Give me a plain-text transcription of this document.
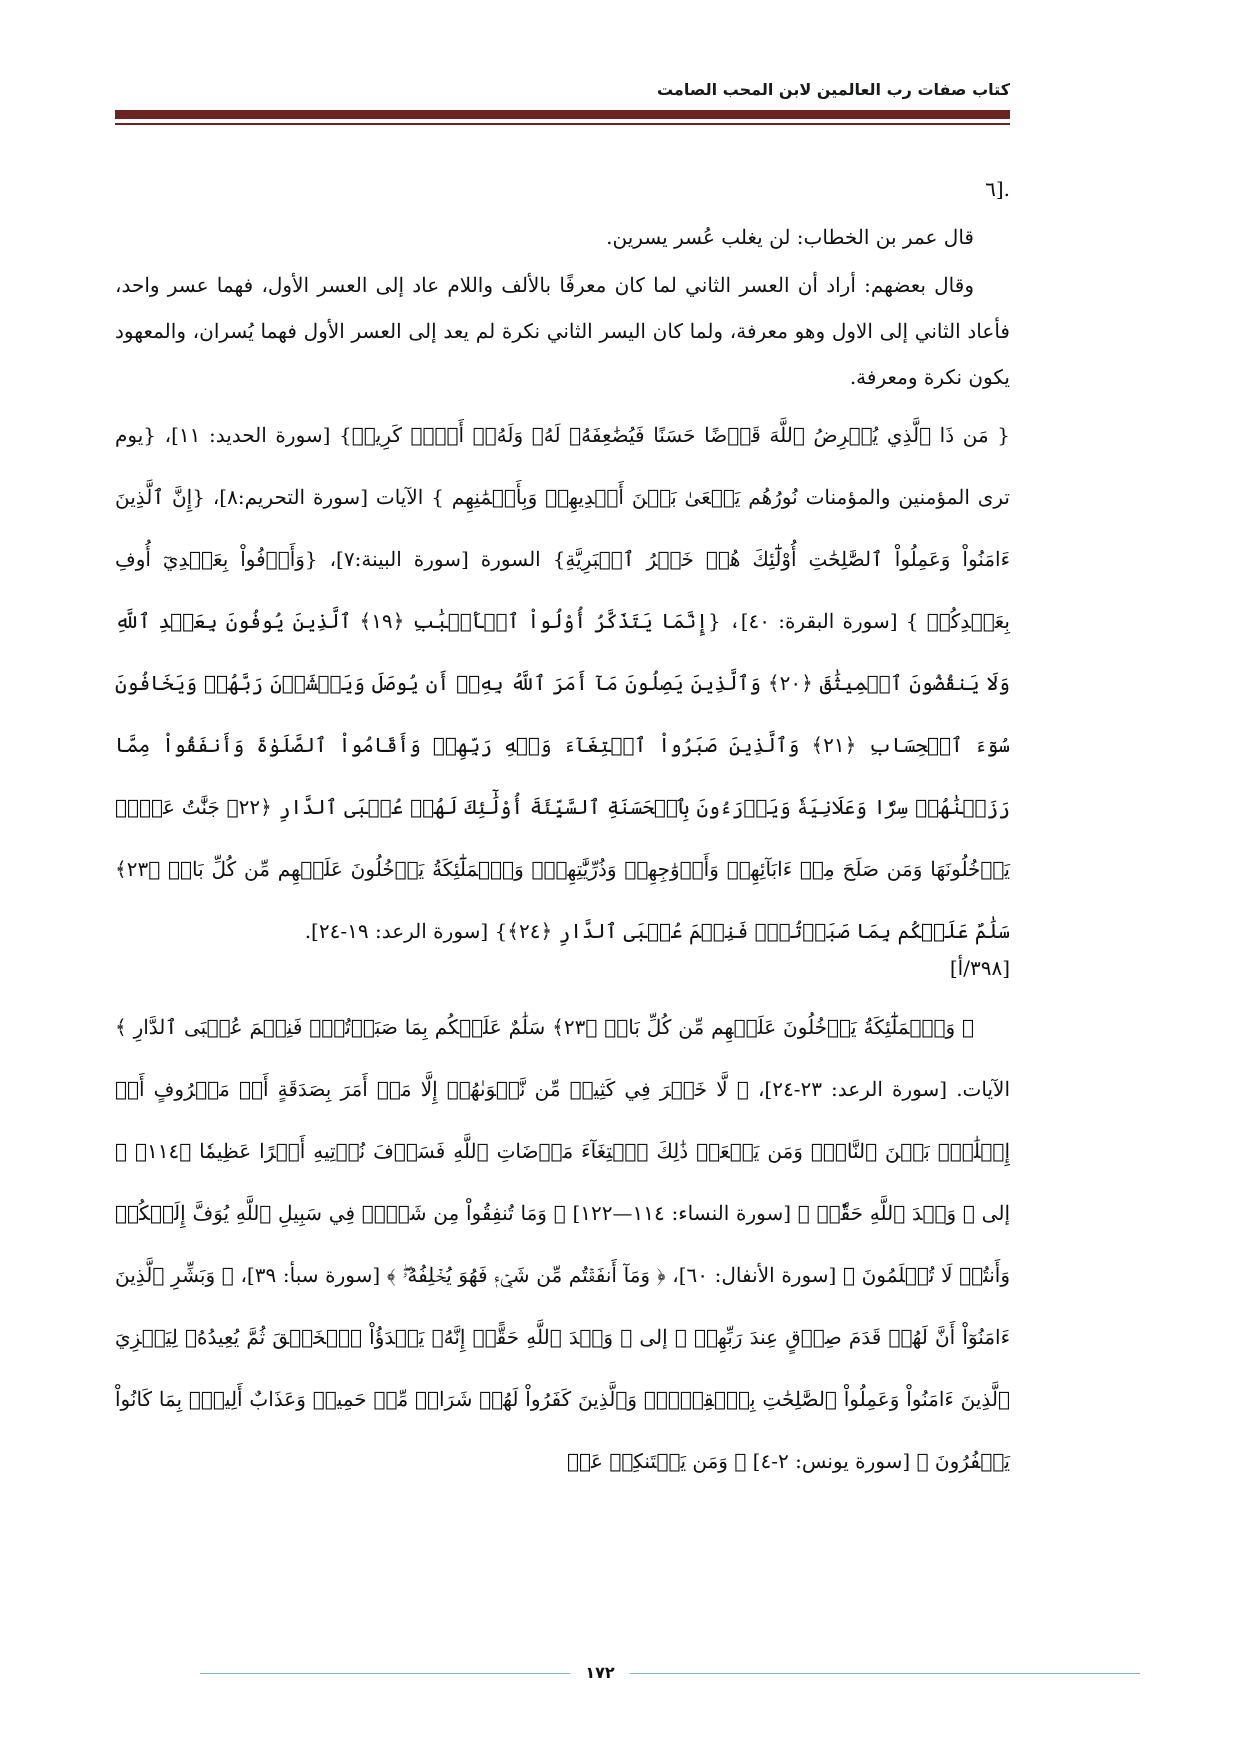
كتاب صفات رب العالمين لابن المحب الصامت

.[٦

قال عمر بن الخطاب: لن يغلب عُسر يسرين.

وقال بعضهم: أراد أن العسر الثاني لما كان معرفًا بالألف واللام عاد إلى العسر الأول، فهما عسر واحد، فأعاد الثاني إلى الاول وهو معرفة، ولما كان اليسر الثاني نكرة لم يعد إلى العسر الأول فهما يُسران، والمعهود يكون نكرة ومعرفة.

{ مَن ذَا ٱلَّذِي يُقۡرِضُ ٱللَّهَ قَرۡضًا حَسَنًا فَيُضَٰعِفَهُۥ لَهُۥ وَلَهُۥٓ أَجۡرٞ كَرِيمٞ} [سورة الحديد: ١١]، {يوم ترى المؤمنين والمؤمنات نُورُهُم يَسۡعَىٰ بَيۡنَ أَيۡدِيهِمۡ وَبِأَيۡمَٰنِهِم } الآيات [سورة التحريم:٨]، {إِنَّ ٱلَّذِينَ ءَامَنُواْ وَعَمِلُواْ ٱلصَّٰلِحَٰتِ أُوْلَٰٓئِكَ هُمۡ خَيۡرُ ٱلۡبَرِيَّةِ} السورة [سورة البينة:٧]، {وَأَوۡفُواْ بِعَهۡدِيٓ أُوفِ بِعَهۡدِكُمۡ } [سورة البقرة: ٤٠]، {إِنَّمَا يَتَذَكَّرُ أُوْلُواْ ٱلۡأَلۡبَٰبِ ﴿١٩﴾ ٱلَّذِينَ يُوفُونَ بِعَهۡدِ ٱللَّهِ وَلَا يَنقُضُونَ ٱلۡمِيثَٰقَ ﴿٢٠﴾ وَٱلَّذِينَ يَصِلُونَ مَآ أَمَرَ ٱللَّهُ بِهِۦٓ أَن يُوصَلَ وَيَخۡشَوۡنَ رَبَّهُمۡ وَيَخَافُونَ سُوٓءَ ٱلۡحِسَابِ ﴿٢١﴾ وَٱلَّذِينَ صَبَرُواْ ٱبۡتِغَآءَ وَجۡهِ رَبِّهِمۡ وَأَقَامُواْ ٱلصَّلَوٰةَ وَأَنفَقُواْ مِمَّا رَزَقۡنَٰهُمۡ سِرّٗا وَعَلَانِيَةٗ وَيَدۡرَءُونَ بِٱلۡحَسَنَةِ ٱلسَّيِّئَةَ أُوْلَٰٓئِكَ لَهُمۡ عُقۡبَى ٱلدَّارِ ﴿٢٢﴾ جَنَّٰتُ عَدۡنٖ يَدۡخُلُونَهَا وَمَن صَلَحَ مِنۡ ءَابَآئِهِمۡ وَأَزۡوَٰجِهِمۡ وَذُرِّيَّٰتِهِمۡۖ وَٱلۡمَلَٰٓئِكَةُ يَدۡخُلُونَ عَلَيۡهِم مِّن كُلِّ بَابٖ ﴿٢٣﴾ سَلَٰمٌ عَلَيۡكُم بِمَا صَبَرۡتُمۡۚ فَنِعۡمَ عُقۡبَى ٱلدَّارِ ﴿٢٤﴾} [سورة الرعد: ١٩-٢٤].

[٣٩٨/أ]

﴿ وَٱلۡمَلَٰٓئِكَةُ يَدۡخُلُونَ عَلَيۡهِم مِّن كُلِّ بَابٖ ﴿٢٣﴾ سَلَٰمٌ عَلَيۡكُم بِمَا صَبَرۡتُمۡۚ فَنِعۡمَ عُقۡبَى ٱلدَّارِ ﴾ الآيات. [سورة الرعد: ٢٣-٢٤]، ﴿ لَّا خَيۡرَ فِي كَثِيرٖ مِّن نَّجۡوَىٰهُمۡ إِلَّا مَنۡ أَمَرَ بِصَدَقَةٍ أَوۡ مَعۡرُوفٍ أَوۡ إِصۡلَٰحِۭ بَيۡنَ ٱلنَّاسِۚ وَمَن يَفۡعَلۡ ذَٰلِكَ ٱبۡتِغَآءَ مَرۡضَاتِ ٱللَّهِ فَسَوۡفَ نُؤۡتِيهِ أَجۡرًا عَظِيمٗا ﴿١١٤﴾ ﴾ إلى ﴿ وَعۡدَ ٱللَّهِ حَقّٗاۚ ﴾ [سورة النساء: ١١٤—١٢٢] ﴿ وَمَا تُنفِقُواْ مِن شَيۡءٖ فِي سَبِيلِ ٱللَّهِ يُوَفَّ إِلَيۡكُمۡ وَأَنتُمۡ لَا تُظۡلَمُونَ ﴾ [سورة الأنفال: ٦٠]، ﴿ وَمَآ أَنفَقۡتُم مِّن شَيۡءٖ فَهُوَ يُخۡلِفُهُۥۖ ﴾ [سورة سبأ: ٣٩]، ﴿ وَبَشِّرِ ٱلَّذِينَ ءَامَنُوٓاْ أَنَّ لَهُمۡ قَدَمَ صِدۡقٍ عِندَ رَبِّهِمۡ ﴾ إلى ﴿ وَعۡدَ ٱللَّهِ حَقًّاۚ إِنَّهُۥ يَبۡدَؤُاْ ٱلۡخَلۡقَ ثُمَّ يُعِيدُهُۥ لِيَجۡزِيَ ٱلَّذِينَ ءَامَنُواْ وَعَمِلُواْ ٱلصَّٰلِحَٰتِ بِٱلۡقِسۡطِۚ وَٱلَّذِينَ كَفَرُواْ لَهُمۡ شَرَابٞ مِّنۡ حَمِيمٖ وَعَذَابٌ أَلِيمُۢ بِمَا كَانُواْ يَكۡفُرُونَ ﴾ [سورة يونس: ٢-٤] ﴿ وَمَن يَسۡتَنكِفۡ عَنۡ

١٧٢
